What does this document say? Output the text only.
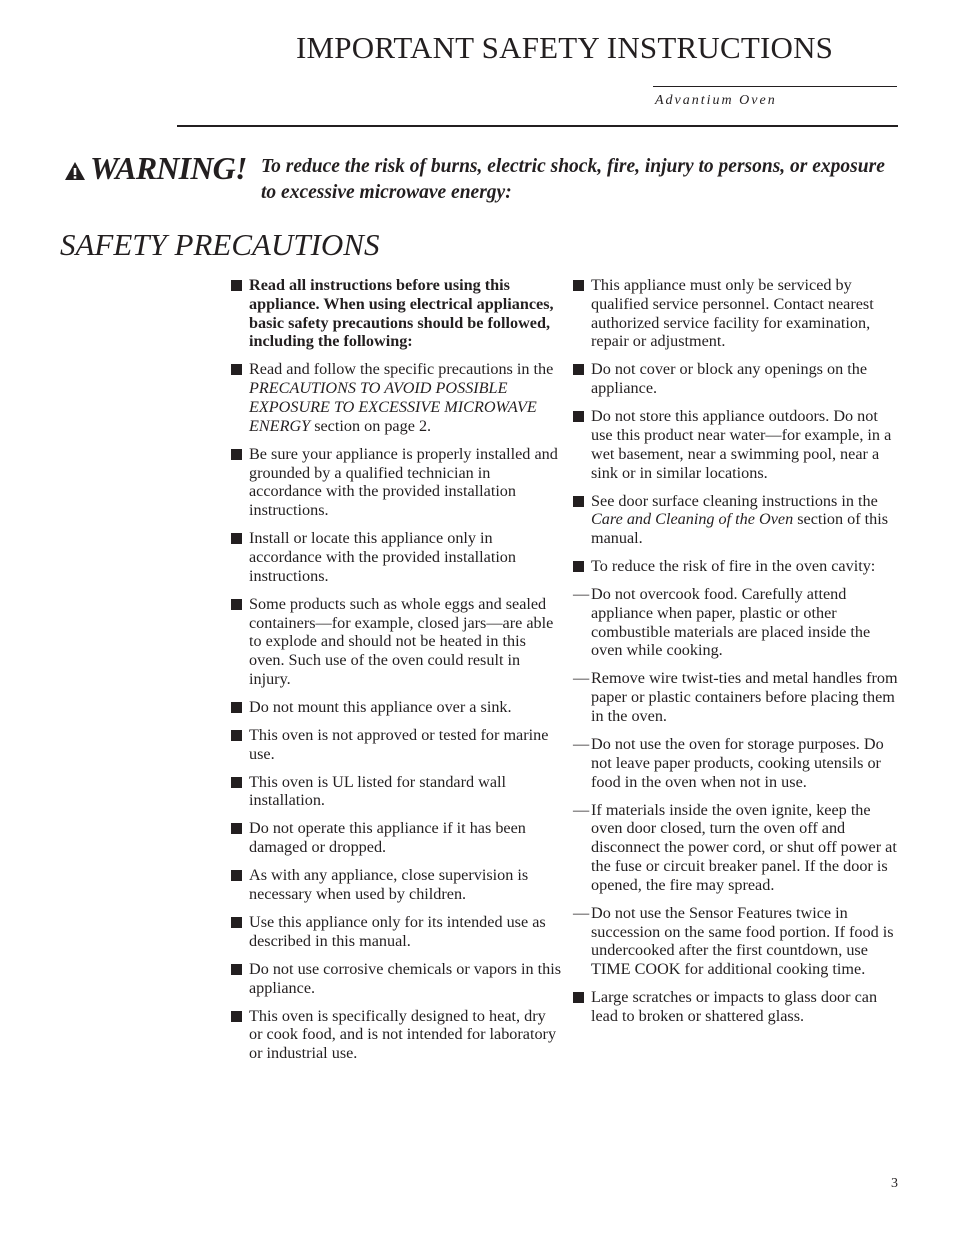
IMPORTANT SAFETY INSTRUCTIONS
Advantium Oven
WARNING! To reduce the risk of burns, electric shock, fire, injury to persons, or exposure to excessive microwave energy:
SAFETY PRECAUTIONS
Read all instructions before using this appliance. When using electrical appliances, basic safety precautions should be followed, including the following:
Read and follow the specific precautions in the PRECAUTIONS TO AVOID POSSIBLE EXPOSURE TO EXCESSIVE MICROWAVE ENERGY section on page 2.
Be sure your appliance is properly installed and grounded by a qualified technician in accordance with the provided installation instructions.
Install or locate this appliance only in accordance with the provided installation instructions.
Some products such as whole eggs and sealed containers—for example, closed jars—are able to explode and should not be heated in this oven. Such use of the oven could result in injury.
Do not mount this appliance over a sink.
This oven is not approved or tested for marine use.
This oven is UL listed for standard wall installation.
Do not operate this appliance if it has been damaged or dropped.
As with any appliance, close supervision is necessary when used by children.
Use this appliance only for its intended use as described in this manual.
Do not use corrosive chemicals or vapors in this appliance.
This oven is specifically designed to heat, dry or cook food, and is not intended for laboratory or industrial use.
This appliance must only be serviced by qualified service personnel. Contact nearest authorized service facility for examination, repair or adjustment.
Do not cover or block any openings on the appliance.
Do not store this appliance outdoors. Do not use this product near water—for example, in a wet basement, near a swimming pool, near a sink or in similar locations.
See door surface cleaning instructions in the Care and Cleaning of the Oven section of this manual.
To reduce the risk of fire in the oven cavity:
— Do not overcook food. Carefully attend appliance when paper, plastic or other combustible materials are placed inside the oven while cooking.
— Remove wire twist-ties and metal handles from paper or plastic containers before placing them in the oven.
— Do not use the oven for storage purposes. Do not leave paper products, cooking utensils or food in the oven when not in use.
— If materials inside the oven ignite, keep the oven door closed, turn the oven off and disconnect the power cord, or shut off power at the fuse or circuit breaker panel. If the door is opened, the fire may spread.
— Do not use the Sensor Features twice in succession on the same food portion. If food is undercooked after the first countdown, use TIME COOK for additional cooking time.
Large scratches or impacts to glass door can lead to broken or shattered glass.
3
